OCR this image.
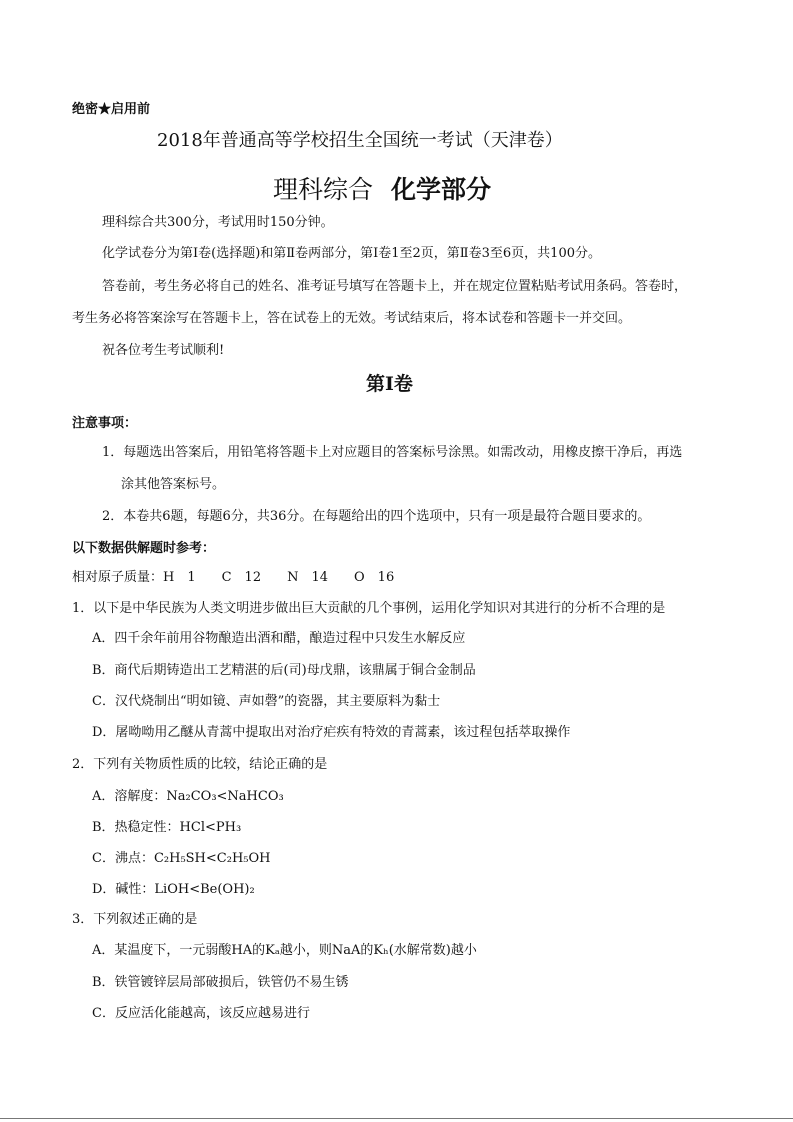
绝密★启用前
2018年普通高等学校招生全国统一考试（天津卷）
理科综合 化学部分
理科综合共300分，考试用时150分钟。
化学试卷分为第Ⅰ卷(选择题)和第Ⅱ卷两部分，第Ⅰ卷1至2页，第Ⅱ卷3至6页，共100分。
答卷前，考生务必将自己的姓名、准考证号填写在答题卡上，并在规定位置粘贴考试用条码。答卷时，
考生务必将答案涂写在答题卡上，答在试卷上的无效。考试结束后，将本试卷和答题卡一并交回。
祝各位考生考试顺利!
第Ⅰ卷
注意事项：
1．每题选出答案后，用铅笔将答题卡上对应题目的答案标号涂黑。如需改动，用橡皮擦干净后，再选
涂其他答案标号。
2．本卷共6题，每题6分，共36分。在每题给出的四个选项中，只有一项是最符合题目要求的。
以下数据供解题时参考：
相对原子质量：H　1　　C　12　　N　14　　O　16
1．以下是中华民族为人类文明进步做出巨大贡献的几个事例，运用化学知识对其进行的分析不合理的是
A．四千余年前用谷物酿造出酒和醋，酿造过程中只发生水解反应
B．商代后期铸造出工艺精湛的后(司)母戊鼎，该鼎属于铜合金制品
C．汉代烧制出“明如镜、声如磬”的瓷器，其主要原料为黏士
D．屠呦呦用乙醚从青蒿中提取出对治疗疟疾有特效的青蒿素，该过程包括萃取操作
2．下列有关物质性质的比较，结论正确的是
A．溶解度：Na₂CO₃<NaHCO₃
B．热稳定性：HCl<PH₃
C．沸点：C₂H₅SH<C₂H₅OH
D．碱性：LiOH<Be(OH)₂
3．下列叙述正确的是
A．某温度下，一元弱酸HA的Kₐ越小，则NaA的Kₕ(水解常数)越小
B．铁管镀锌层局部破损后，铁管仍不易生锈
C．反应活化能越高，该反应越易进行
